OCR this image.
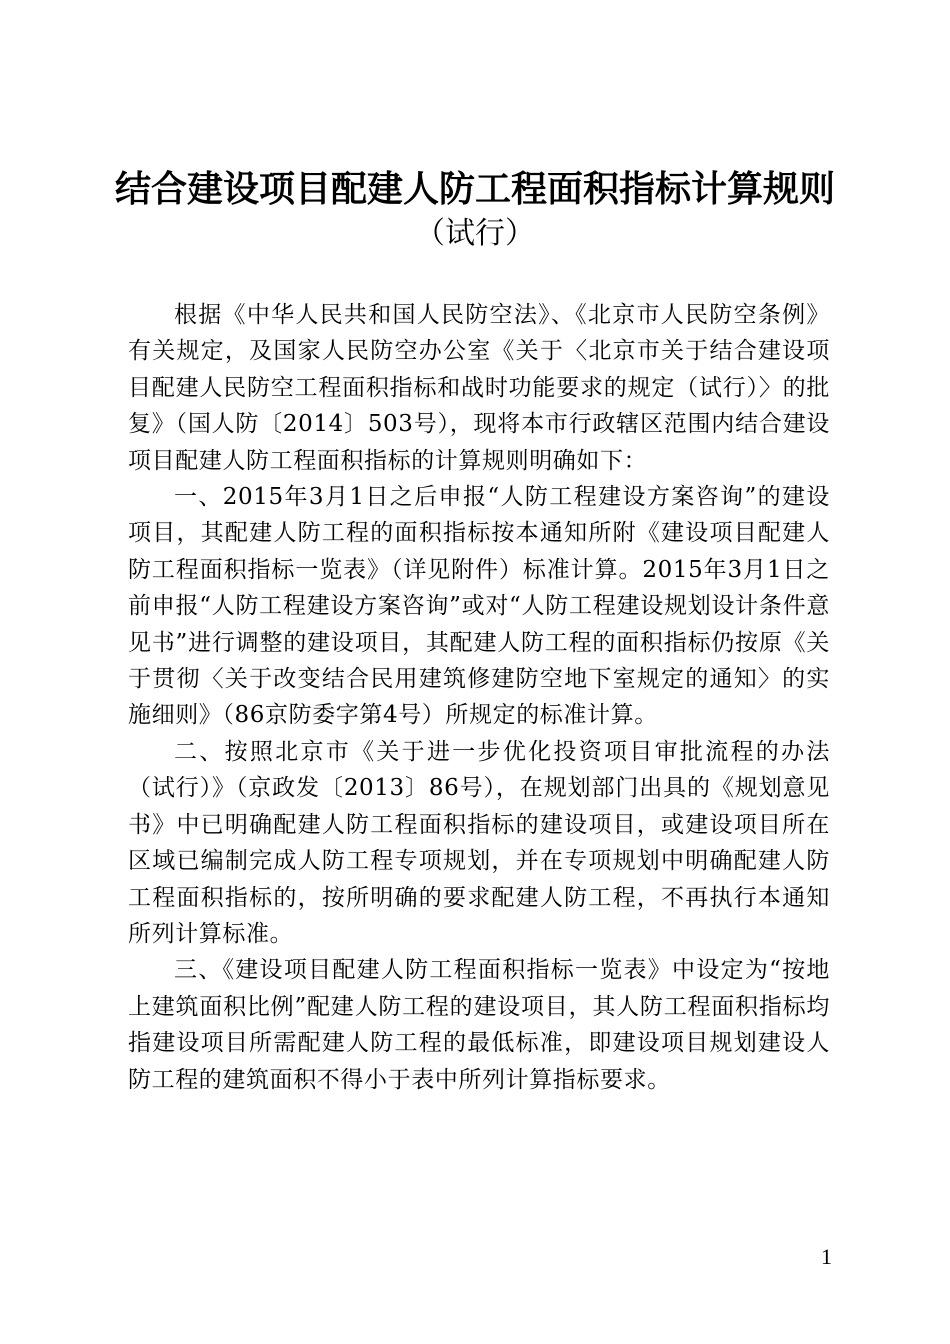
结合建设项目配建人防工程面积指标计算规则
（试行）

根据《中华人民共和国人民防空法》、《北京市人民防空条例》有关规定，及国家人民防空办公室《关于〈北京市关于结合建设项目配建人民防空工程面积指标和战时功能要求的规定（试行）〉的批复》（国人防〔2014〕503号），现将本市行政辖区范围内结合建设项目配建人防工程面积指标的计算规则明确如下：

一、2015年3月1日之后申报“人防工程建设方案咨询”的建设项目，其配建人防工程的面积指标按本通知所附《建设项目配建人防工程面积指标一览表》（详见附件）标准计算。2015年3月1日之前申报“人防工程建设方案咨询”或对“人防工程建设规划设计条件意见书”进行调整的建设项目，其配建人防工程的面积指标仍按原《关于贯彻〈关于改变结合民用建筑修建防空地下室规定的通知〉的实施细则》（86京防委字第4号）所规定的标准计算。

二、按照北京市《关于进一步优化投资项目审批流程的办法（试行）》（京政发〔2013〕86号），在规划部门出具的《规划意见书》中已明确配建人防工程面积指标的建设项目，或建设项目所在区域已编制完成人防工程专项规划，并在专项规划中明确配建人防工程面积指标的，按所明确的要求配建人防工程，不再执行本通知所列计算标准。

三、《建设项目配建人防工程面积指标一览表》中设定为“按地上建筑面积比例”配建人防工程的建设项目，其人防工程面积指标均指建设项目所需配建人防工程的最低标准，即建设项目规划建设人防工程的建筑面积不得小于表中所列计算指标要求。

1
